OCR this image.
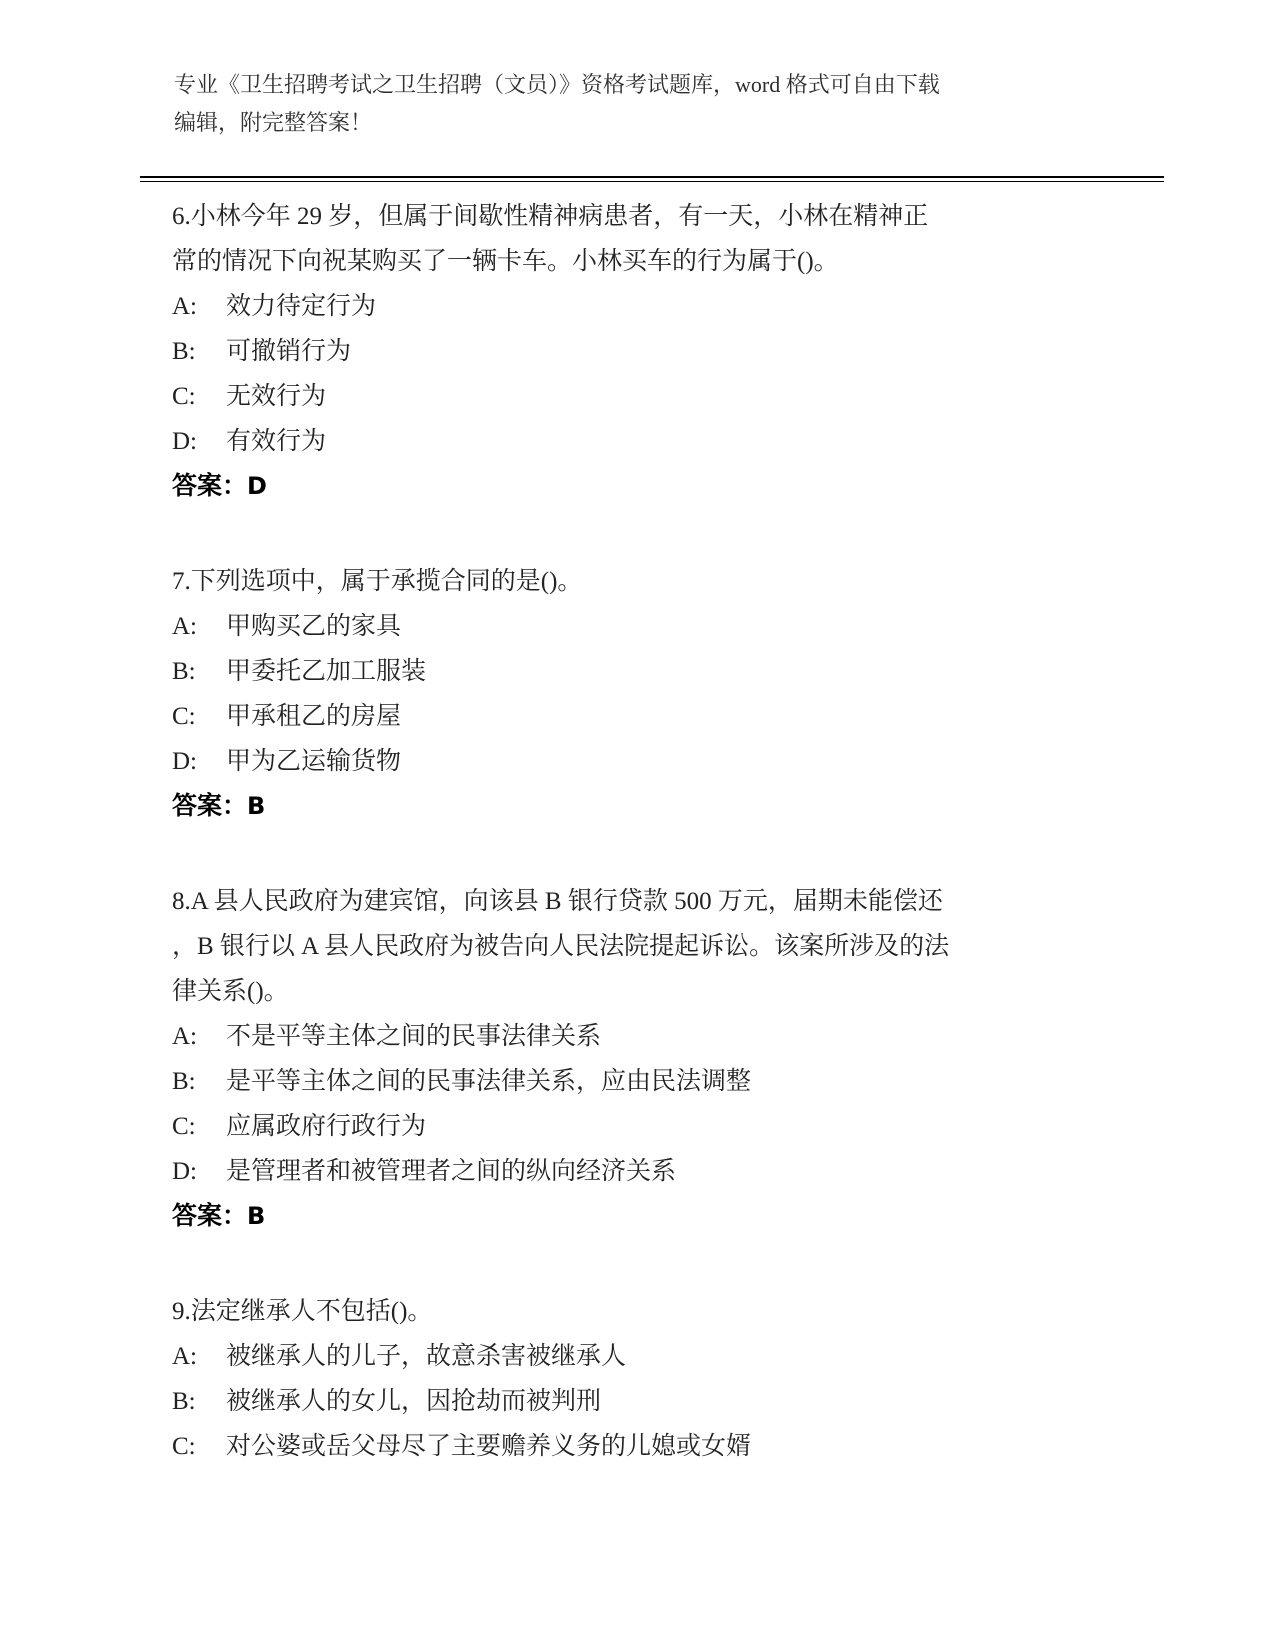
专业《卫生招聘考试之卫生招聘（文员）》资格考试题库，word 格式可自由下载
编辑，附完整答案！
6.小林今年 29 岁，但属于间歇性精神病患者，有一天，小林在精神正
常的情况下向祝某购买了一辆卡车。小林买车的行为属于()。
A: 效力待定行为
B: 可撤销行为
C: 无效行为
D: 有效行为
答案：D
7.下列选项中，属于承揽合同的是()。
A: 甲购买乙的家具
B: 甲委托乙加工服装
C: 甲承租乙的房屋
D: 甲为乙运输货物
答案：B
8.A 县人民政府为建宾馆，向该县 B 银行贷款 500 万元，届期未能偿还
，B 银行以 A 县人民政府为被告向人民法院提起诉讼。该案所涉及的法
律关系()。
A: 不是平等主体之间的民事法律关系
B: 是平等主体之间的民事法律关系，应由民法调整
C: 应属政府行政行为
D: 是管理者和被管理者之间的纵向经济关系
答案：B
9.法定继承人不包括()。
A: 被继承人的儿子，故意杀害被继承人
B: 被继承人的女儿，因抢劫而被判刑
C: 对公婆或岳父母尽了主要赡养义务的儿媳或女婿
